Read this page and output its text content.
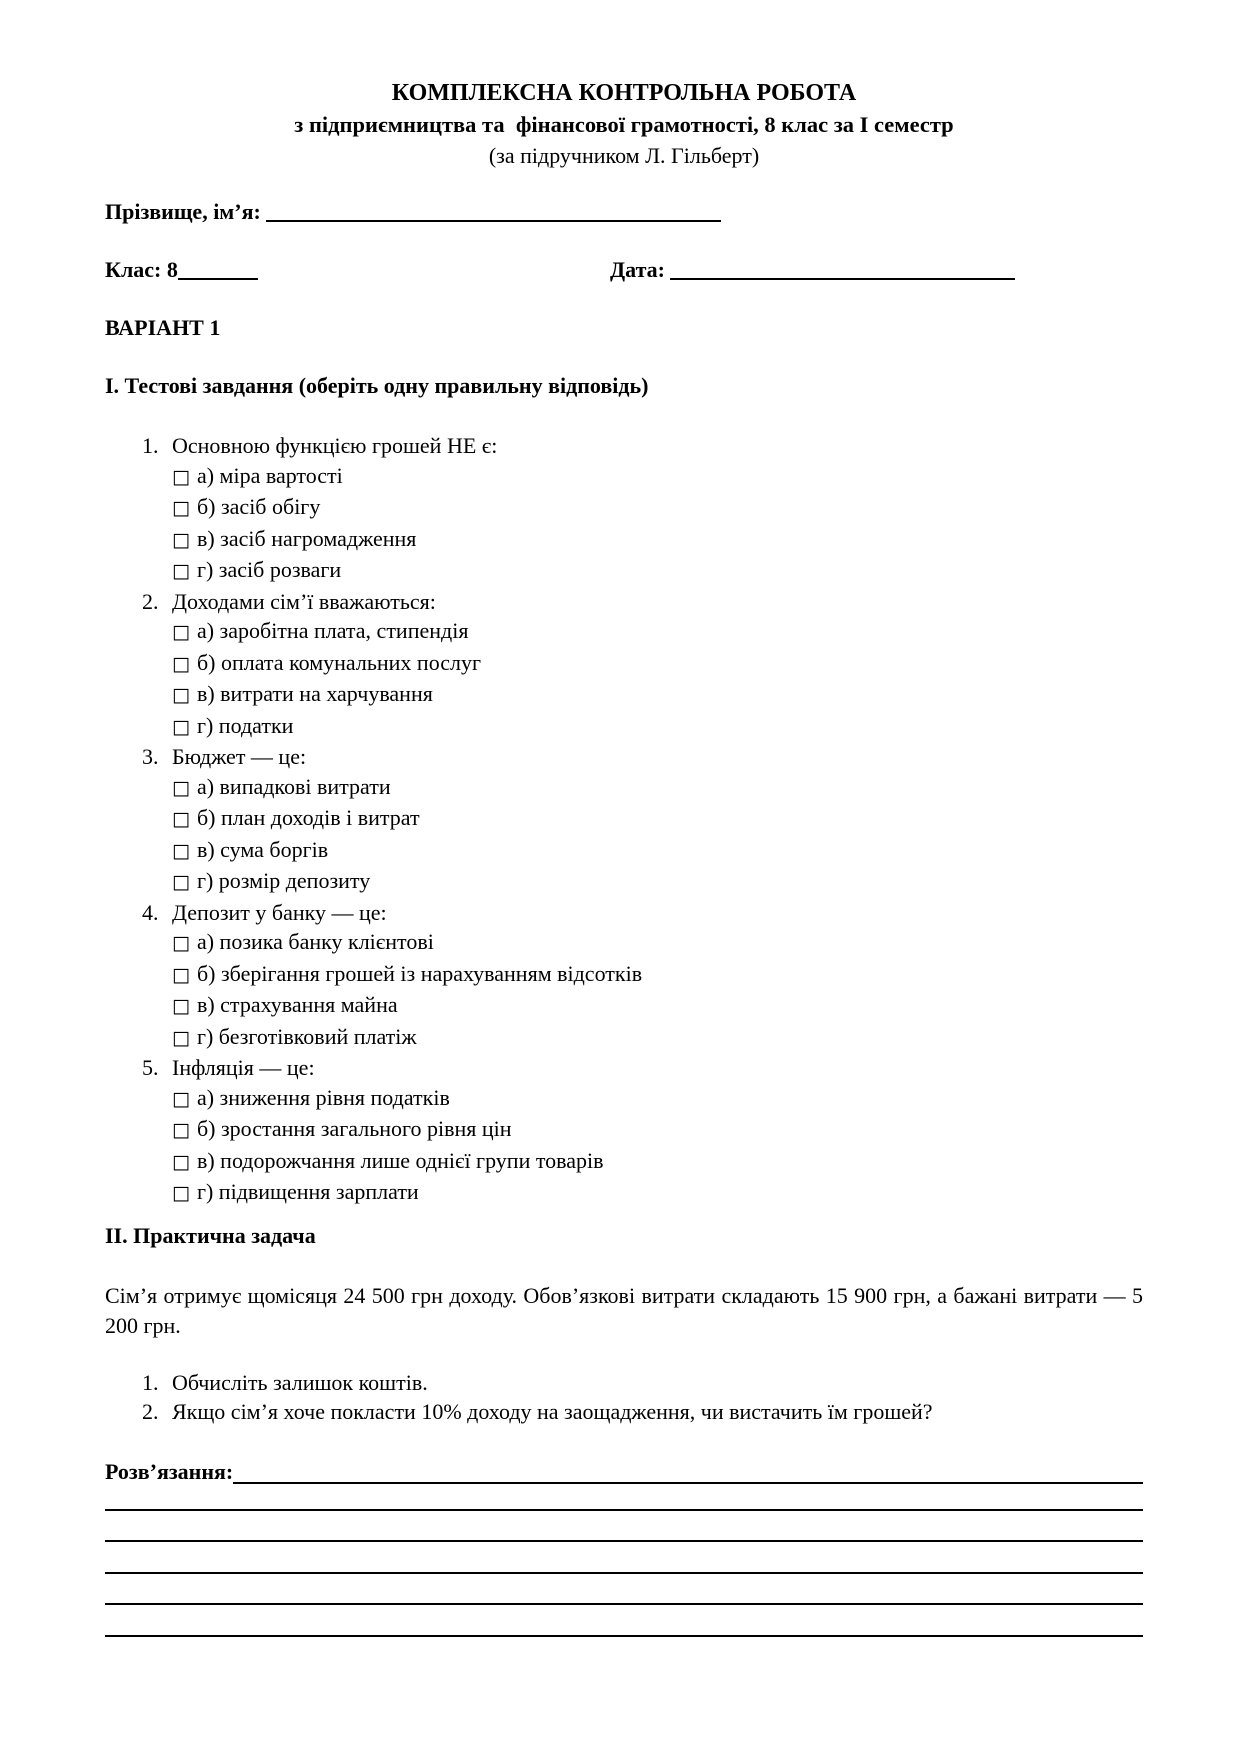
КОМПЛЕКСНА КОНТРОЛЬНА РОБОТА
з підприємництва та  фінансової грамотності, 8 клас за І семестр
(за підручником Л. Гільберт)
Прізвище, ім’я:
Клас: 8	Дата:
ВАРІАНТ 1
І. Тестові завдання (оберіть одну правильну відповідь)
1. Основною функцією грошей НЕ є:
□ а) міра вартості
□ б) засіб обігу
□ в) засіб нагромадження
□ г) засіб розваги
2. Доходами сім’ї вважаються:
□ а) заробітна плата, стипендія
□ б) оплата комунальних послуг
□ в) витрати на харчування
□ г) податки
3. Бюджет — це:
□ а) випадкові витрати
□ б) план доходів і витрат
□ в) сума боргів
□ г) розмір депозиту
4. Депозит у банку — це:
□ а) позика банку клієнтові
□ б) зберігання грошей із нарахуванням відсотків
□ в) страхування майна
□ г) безготівковий платіж
5. Інфляція — це:
□ а) зниження рівня податків
□ б) зростання загального рівня цін
□ в) подорожчання лише однієї групи товарів
□ г) підвищення зарплати
ІІ. Практична задача
Сім’я отримує щомісяця 24 500 грн доходу. Обов’язкові витрати складають 15 900 грн, а бажані витрати — 5 200 грн.
1. Обчисліть залишок коштів.
2. Якщо сім’я хоче покласти 10% доходу на заощадження, чи вистачить їм грошей?
Розв’язання:
